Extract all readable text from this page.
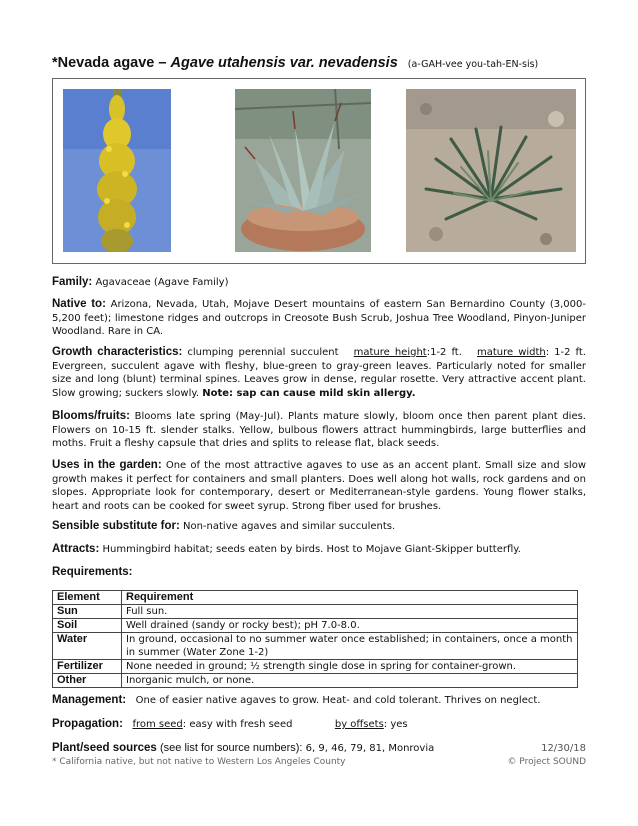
*Nevada agave – Agave utahensis var. nevadensis (a-GAH-vee you-tah-EN-sis)
Family: Agavaceae (Agave Family)
Native to: Arizona, Nevada, Utah, Mojave Desert mountains of eastern San Bernardino County (3,000-5,200 feet); limestone ridges and outcrops in Creosote Bush Scrub, Joshua Tree Woodland, Pinyon-Juniper Woodland. Rare in CA.
Growth characteristics: clumping perennial succulent mature height:1-2 ft. mature width: 1-2 ft. Evergreen, succulent agave with fleshy, blue-green to gray-green leaves. Particularly noted for smaller size and long (blunt) terminal spines. Leaves grow in dense, regular rosette. Very attractive accent plant. Slow growing; suckers slowly. Note: sap can cause mild skin allergy.
Blooms/fruits: Blooms late spring (May-Jul). Plants mature slowly, bloom once then parent plant dies. Flowers on 10-15 ft. slender stalks. Yellow, bulbous flowers attract hummingbirds, large butterflies and moths. Fruit a fleshy capsule that dries and splits to release flat, black seeds.
Uses in the garden: One of the most attractive agaves to use as an accent plant. Small size and slow growth makes it perfect for containers and small planters. Does well along hot walls, rock gardens and on slopes. Appropriate look for contemporary, desert or Mediterranean-style gardens. Young flower stalks, heart and roots can be cooked for sweet syrup. Strong fiber used for brushes.
Sensible substitute for: Non-native agaves and similar succulents.
Attracts: Hummingbird habitat; seeds eaten by birds. Host to Mojave Giant-Skipper butterfly.
Requirements:
Element	Requirement
Sun	Full sun.
Soil	Well drained (sandy or rocky best); pH 7.0-8.0.
Water	In ground, occasional to no summer water once established; in containers, once a month in summer (Water Zone 1-2)
Fertilizer	None needed in ground; ½ strength single dose in spring for container-grown.
Other	Inorganic mulch, or none.
Management: One of easier native agaves to grow. Heat- and cold tolerant. Thrives on neglect.
Propagation: from seed: easy with fresh seed	by offsets: yes
Plant/seed sources (see list for source numbers): 6, 9, 46, 79, 81, Monrovia	12/30/18
* California native, but not native to Western Los Angeles County	© Project SOUND
